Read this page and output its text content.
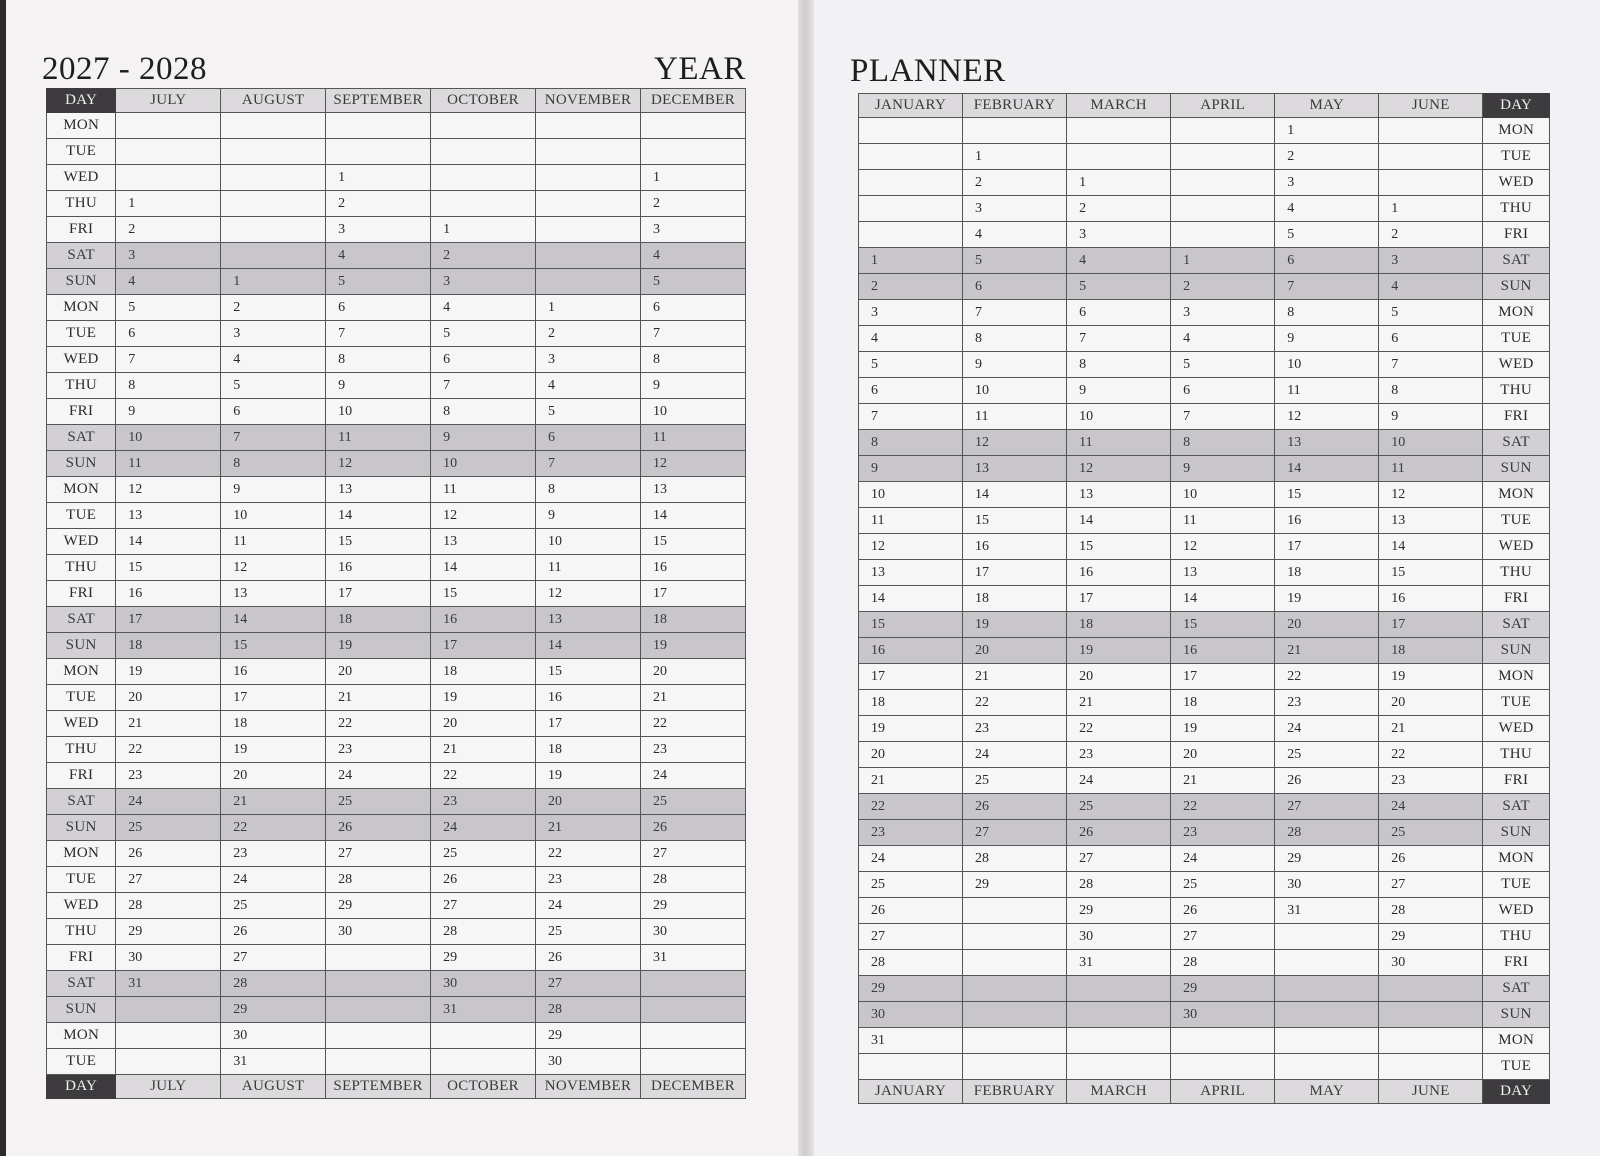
2027 - 2028	YEAR	PLANNER
DAY	JULY	AUGUST	SEPTEMBER	OCTOBER	NOVEMBER	DECEMBER
MON						
TUE						
WED			1			1
THU	1		2			2
FRI	2		3	1		3
SAT	3		4	2		4
SUN	4	1	5	3		5
MON	5	2	6	4	1	6
TUE	6	3	7	5	2	7
WED	7	4	8	6	3	8
THU	8	5	9	7	4	9
FRI	9	6	10	8	5	10
SAT	10	7	11	9	6	11
SUN	11	8	12	10	7	12
MON	12	9	13	11	8	13
TUE	13	10	14	12	9	14
WED	14	11	15	13	10	15
THU	15	12	16	14	11	16
FRI	16	13	17	15	12	17
SAT	17	14	18	16	13	18
SUN	18	15	19	17	14	19
MON	19	16	20	18	15	20
TUE	20	17	21	19	16	21
WED	21	18	22	20	17	22
THU	22	19	23	21	18	23
FRI	23	20	24	22	19	24
SAT	24	21	25	23	20	25
SUN	25	22	26	24	21	26
MON	26	23	27	25	22	27
TUE	27	24	28	26	23	28
WED	28	25	29	27	24	29
THU	29	26	30	28	25	30
FRI	30	27		29	26	31
SAT	31	28		30	27	
SUN		29		31	28	
MON		30			29	
TUE		31			30	
DAY	JULY	AUGUST	SEPTEMBER	OCTOBER	NOVEMBER	DECEMBER
JANUARY	FEBRUARY	MARCH	APRIL	MAY	JUNE	DAY
				1		MON
	1			2		TUE
	2	1		3		WED
	3	2		4	1	THU
	4	3		5	2	FRI
1	5	4	1	6	3	SAT
2	6	5	2	7	4	SUN
3	7	6	3	8	5	MON
4	8	7	4	9	6	TUE
5	9	8	5	10	7	WED
6	10	9	6	11	8	THU
7	11	10	7	12	9	FRI
8	12	11	8	13	10	SAT
9	13	12	9	14	11	SUN
10	14	13	10	15	12	MON
11	15	14	11	16	13	TUE
12	16	15	12	17	14	WED
13	17	16	13	18	15	THU
14	18	17	14	19	16	FRI
15	19	18	15	20	17	SAT
16	20	19	16	21	18	SUN
17	21	20	17	22	19	MON
18	22	21	18	23	20	TUE
19	23	22	19	24	21	WED
20	24	23	20	25	22	THU
21	25	24	21	26	23	FRI
22	26	25	22	27	24	SAT
23	27	26	23	28	25	SUN
24	28	27	24	29	26	MON
25	29	28	25	30	27	TUE
26		29	26	31	28	WED
27		30	27		29	THU
28		31	28		30	FRI
29			29			SAT
30			30			SUN
31						MON
						TUE
JANUARY	FEBRUARY	MARCH	APRIL	MAY	JUNE	DAY
